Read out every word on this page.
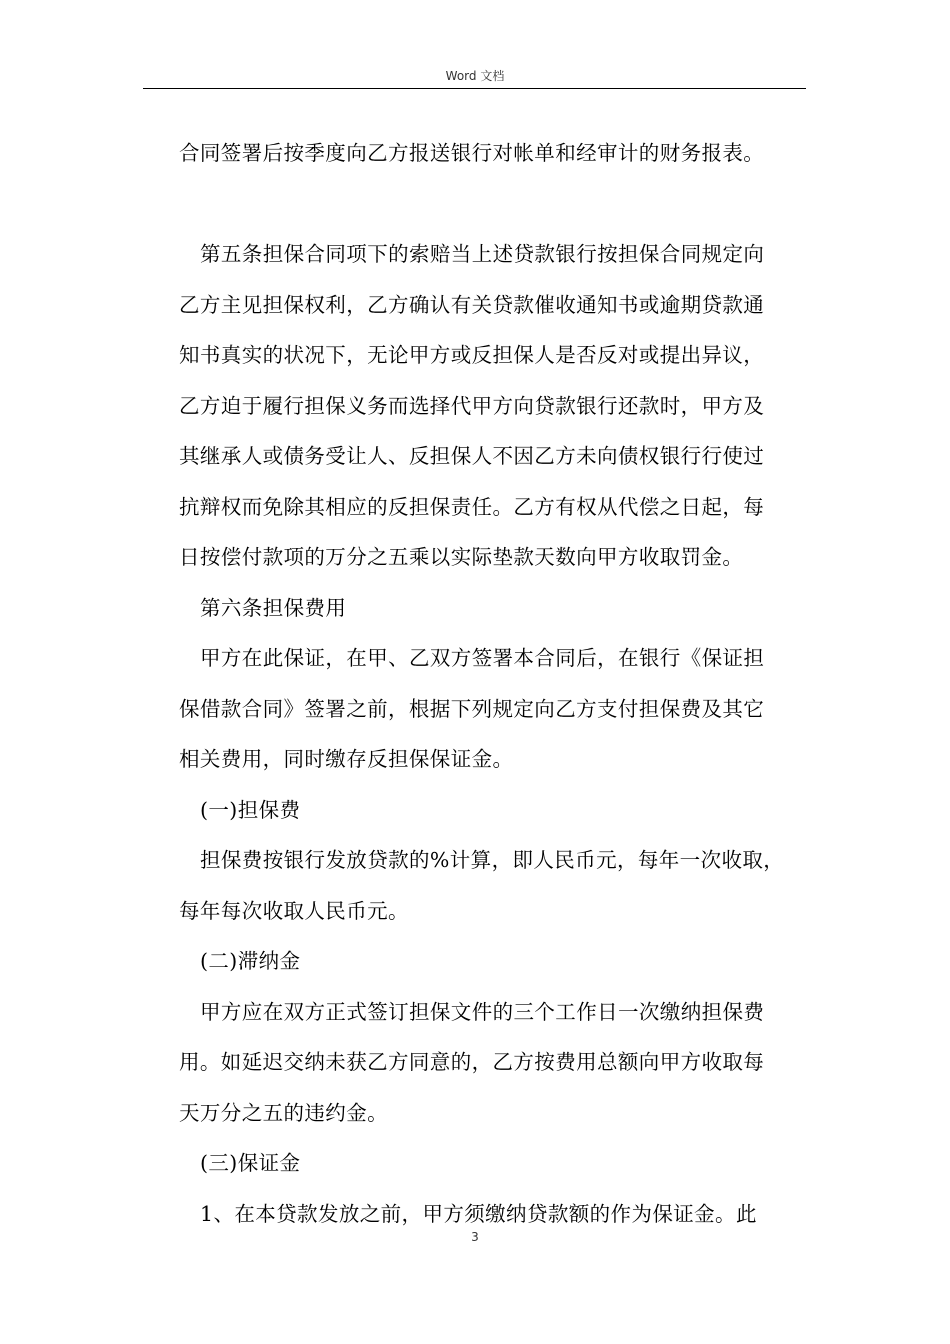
Word 文档
合同签署后按季度向乙方报送银行对帐单和经审计的财务报表。
第五条担保合同项下的索赔当上述贷款银行按担保合同规定向
乙方主见担保权利，乙方确认有关贷款催收通知书或逾期贷款通
知书真实的状况下，无论甲方或反担保人是否反对或提出异议，
乙方迫于履行担保义务而选择代甲方向贷款银行还款时，甲方及
其继承人或债务受让人、反担保人不因乙方未向债权银行行使过
抗辩权而免除其相应的反担保责任。乙方有权从代偿之日起，每
日按偿付款项的万分之五乘以实际垫款天数向甲方收取罚金。
第六条担保费用
甲方在此保证，在甲、乙双方签署本合同后，在银行《保证担
保借款合同》签署之前，根据下列规定向乙方支付担保费及其它
相关费用，同时缴存反担保保证金。
(一)担保费
担保费按银行发放贷款的%计算，即人民币元，每年一次收取，
每年每次收取人民币元。
(二)滞纳金
甲方应在双方正式签订担保文件的三个工作日一次缴纳担保费
用。如延迟交纳未获乙方同意的，乙方按费用总额向甲方收取每
天万分之五的违约金。
(三)保证金
1、在本贷款发放之前，甲方须缴纳贷款额的作为保证金。此
3
